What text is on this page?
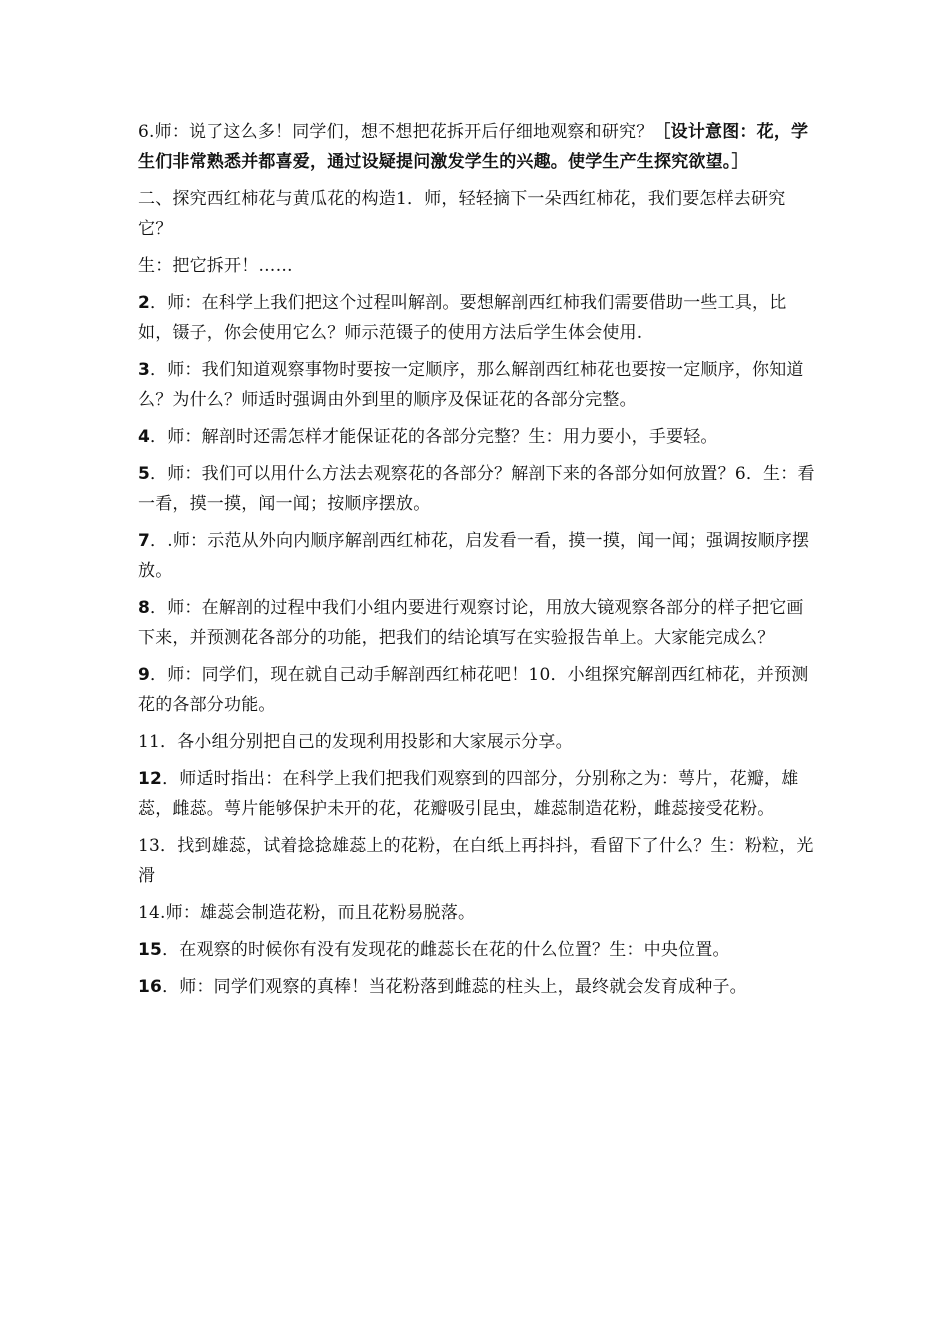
6.师：说了这么多！同学们，想不想把花拆开后仔细地观察和研究？［设计意图：花，学生们非常熟悉并都喜爱，通过设疑提问激发学生的兴趣。使学生产生探究欲望。］

二、探究西红柿花与黄瓜花的构造1．师，轻轻摘下一朵西红柿花，我们要怎样去研究它？

生：把它拆开！……

2．师：在科学上我们把这个过程叫解剖。要想解剖西红柿我们需要借助一些工具，比如，镊子，你会使用它么？师示范镊子的使用方法后学生体会使用.

3．师：我们知道观察事物时要按一定顺序，那么解剖西红柿花也要按一定顺序，你知道么？为什么？师适时强调由外到里的顺序及保证花的各部分完整。

4．师：解剖时还需怎样才能保证花的各部分完整？生：用力要小，手要轻。

5．师：我们可以用什么方法去观察花的各部分？解剖下来的各部分如何放置？6．生：看一看，摸一摸，闻一闻；按顺序摆放。

7．.师：示范从外向内顺序解剖西红柿花，启发看一看，摸一摸，闻一闻；强调按顺序摆放。

8．师：在解剖的过程中我们小组内要进行观察讨论，用放大镜观察各部分的样子把它画下来，并预测花各部分的功能，把我们的结论填写在实验报告单上。大家能完成么？

9．师：同学们，现在就自己动手解剖西红柿花吧！10．小组探究解剖西红柿花，并预测花的各部分功能。

11．各小组分别把自己的发现利用投影和大家展示分享。

12．师适时指出：在科学上我们把我们观察到的四部分，分别称之为：萼片，花瓣，雄蕊，雌蕊。萼片能够保护未开的花，花瓣吸引昆虫，雄蕊制造花粉，雌蕊接受花粉。

13．找到雄蕊，试着捻捻雄蕊上的花粉，在白纸上再抖抖，看留下了什么？生：粉粒，光滑

14.师：雄蕊会制造花粉，而且花粉易脱落。

15．在观察的时候你有没有发现花的雌蕊长在花的什么位置？生：中央位置。

16．师：同学们观察的真棒！当花粉落到雌蕊的柱头上，最终就会发育成种子。
